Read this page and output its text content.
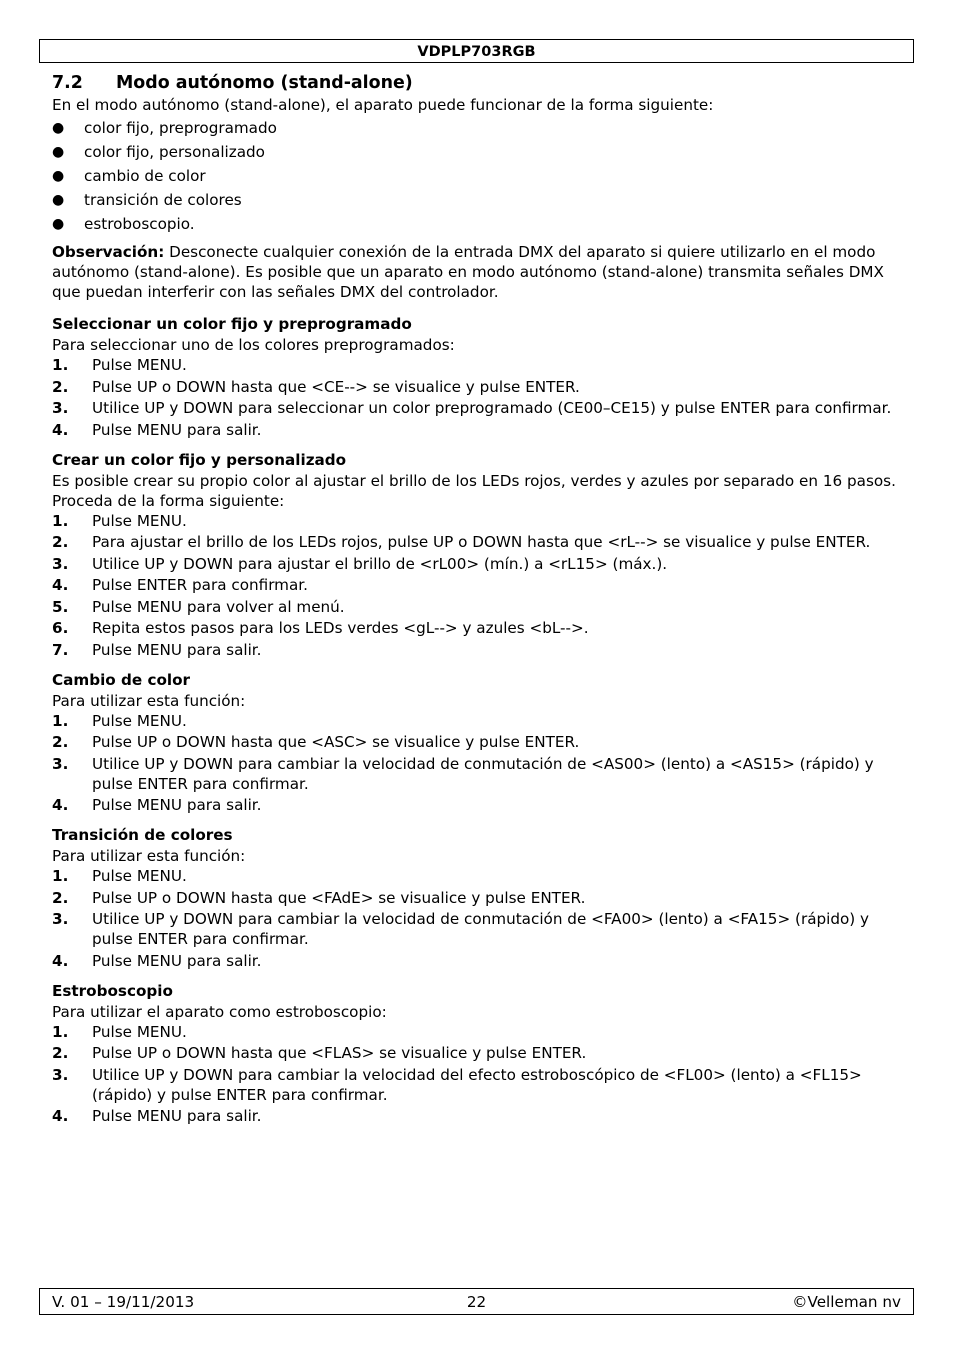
VDPLP703RGB
7.2 Modo autónomo (stand-alone)

En el modo autónomo (stand-alone), el aparato puede funcionar de la forma siguiente:

● color fijo, preprogramado
● color fijo, personalizado
● cambio de color
● transición de colores
● estroboscopio.

Observación: Desconecte cualquier conexión de la entrada DMX del aparato si quiere utilizarlo en el modo autónomo (stand-alone). Es posible que un aparato en modo autónomo (stand-alone) transmita señales DMX que puedan interferir con las señales DMX del controlador.

Seleccionar un color fijo y preprogramado

Para seleccionar uno de los colores preprogramados:

1. Pulse MENU.
2. Pulse UP o DOWN hasta que <CE--> se visualice y pulse ENTER.
3. Utilice UP y DOWN para seleccionar un color preprogramado (CE00–CE15) y pulse ENTER para confirmar.
4. Pulse MENU para salir.
Crear un color fijo y personalizado

Es posible crear su propio color al ajustar el brillo de los LEDs rojos, verdes y azules por separado en 16 pasos. Proceda de la forma siguiente:

1. Pulse MENU.
2. Para ajustar el brillo de los LEDs rojos, pulse UP o DOWN hasta que <rL--> se visualice y pulse ENTER.
3. Utilice UP y DOWN para ajustar el brillo de <rL00> (mín.) a <rL15> (máx.).
4. Pulse ENTER para confirmar.
5. Pulse MENU para volver al menú.
6. Repita estos pasos para los LEDs verdes <gL--> y azules <bL-->.
7. Pulse MENU para salir.
Cambio de color

Para utilizar esta función:

1. Pulse MENU.
2. Pulse UP o DOWN hasta que <ASC> se visualice y pulse ENTER.
3. Utilice UP y DOWN para cambiar la velocidad de conmutación de <AS00> (lento) a <AS15> (rápido) y pulse ENTER para confirmar.
4. Pulse MENU para salir.
Transición de colores

Para utilizar esta función:

1. Pulse MENU.
2. Pulse UP o DOWN hasta que <FAdE> se visualice y pulse ENTER.
3. Utilice UP y DOWN para cambiar la velocidad de conmutación de <FA00> (lento) a <FA15> (rápido) y pulse ENTER para confirmar.
4. Pulse MENU para salir.
Estroboscopio

Para utilizar el aparato como estroboscopio:

1. Pulse MENU.
2. Pulse UP o DOWN hasta que <FLAS> se visualice y pulse ENTER.
3. Utilice UP y DOWN para cambiar la velocidad del efecto estroboscópico de <FL00> (lento) a <FL15> (rápido) y pulse ENTER para confirmar.
4. Pulse MENU para salir.
V. 01 – 19/11/2013	22	©Velleman nv
